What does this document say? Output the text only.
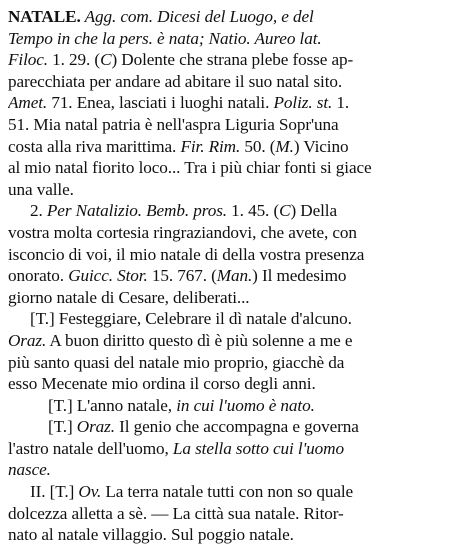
NATALE. Agg. com. Dicesi del Luogo, e del
Tempo in che la pers. è nata; Natio. Aureo lat.
Filoc. 1. 29. (C) Dolente che strana plebe fosse ap-
parecchiata per andare ad abitare il suo natal sito.
Amet. 71. Enea, lasciati i luoghi natali. Poliz. st. 1.
51. Mia natal patria è nell'aspra Liguria Sopr'una
costa alla riva marittima. Fir. Rim. 50. (M.) Vicino
al mio natal fiorito loco... Tra i più chiar fonti si giace
una valle.
2. Per Natalizio. Bemb. pros. 1. 45. (C) Della
vostra molta cortesia ringraziandovi, che avete, con
isconcio di voi, il mio natale di della vostra presenza
onorato. Guicc. Stor. 15. 767. (Man.) Il medesimo
giorno natale di Cesare, deliberati...
[T.] Festeggiare, Celebrare il dì natale d'alcuno.
Oraz. A buon diritto questo dì è più solenne a me e
più santo quasi del natale mio proprio, giacchè da
esso Mecenate mio ordina il corso degli anni.
[T.] L'anno natale, in cui l'uomo è nato.
[T.] Oraz. Il genio che accompagna e governa
l'astro natale dell'uomo, La stella sotto cui l'uomo
nasce.
II. [T.] Ov. La terra natale tutti con non so quale
dolcezza alletta a sè. — La città sua natale. Ritor-
nato al natale villaggio. Sul poggio natale.
